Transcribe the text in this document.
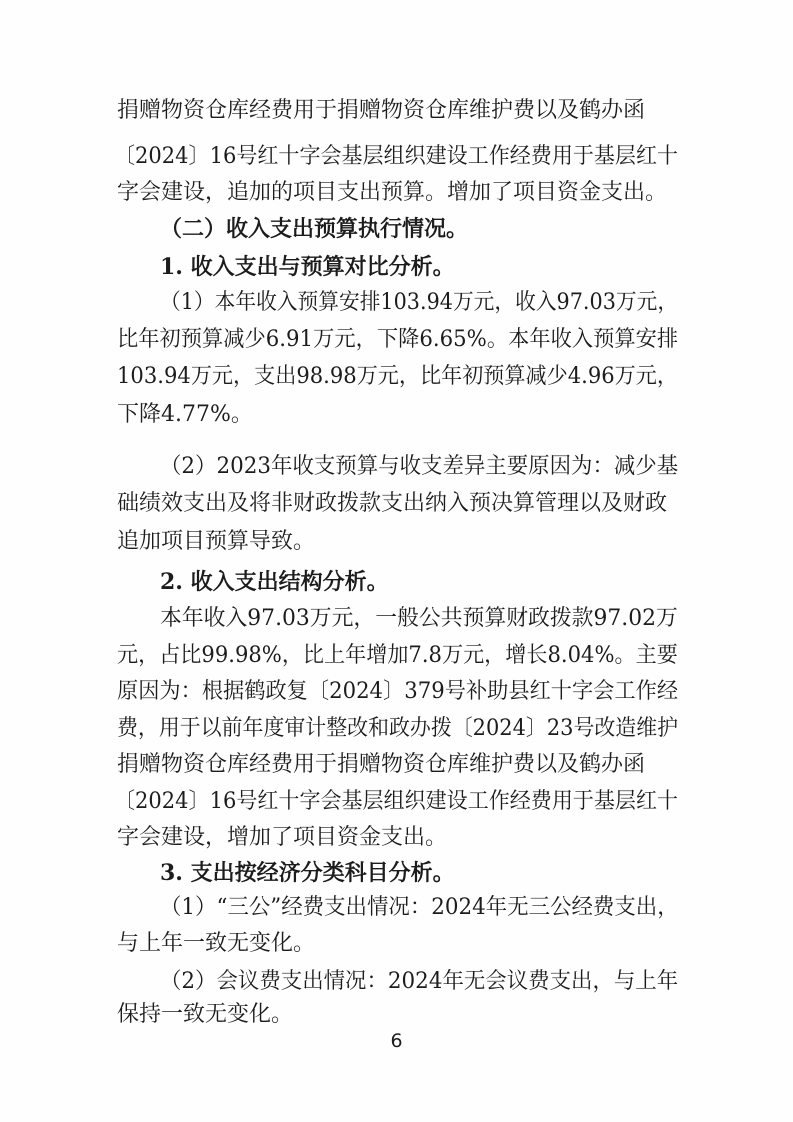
捐赠物资仓库经费用于捐赠物资仓库维护费以及鹤办函
〔2024〕16号红十字会基层组织建设工作经费用于基层红十
字会建设，追加的项目支出预算。增加了项目资金支出。
（二）收入支出预算执行情况。
1. 收入支出与预算对比分析。
（1）本年收入预算安排103.94万元，收入97.03万元，
比年初预算减少6.91万元，下降6.65%。本年收入预算安排
103.94万元，支出98.98万元，比年初预算减少4.96万元，
下降4.77%。
（2）2023年收支预算与收支差异主要原因为：减少基
础绩效支出及将非财政拨款支出纳入预决算管理以及财政
追加项目预算导致。
2. 收入支出结构分析。
本年收入97.03万元，一般公共预算财政拨款97.02万
元，占比99.98%，比上年增加7.8万元，增长8.04%。主要
原因为：根据鹤政复〔2024〕379号补助县红十字会工作经
费，用于以前年度审计整改和政办拨〔2024〕23号改造维护
捐赠物资仓库经费用于捐赠物资仓库维护费以及鹤办函
〔2024〕16号红十字会基层组织建设工作经费用于基层红十
字会建设，增加了项目资金支出。
3. 支出按经济分类科目分析。
（1）“三公”经费支出情况：2024年无三公经费支出，
与上年一致无变化。
（2）会议费支出情况：2024年无会议费支出，与上年
保持一致无变化。
6
